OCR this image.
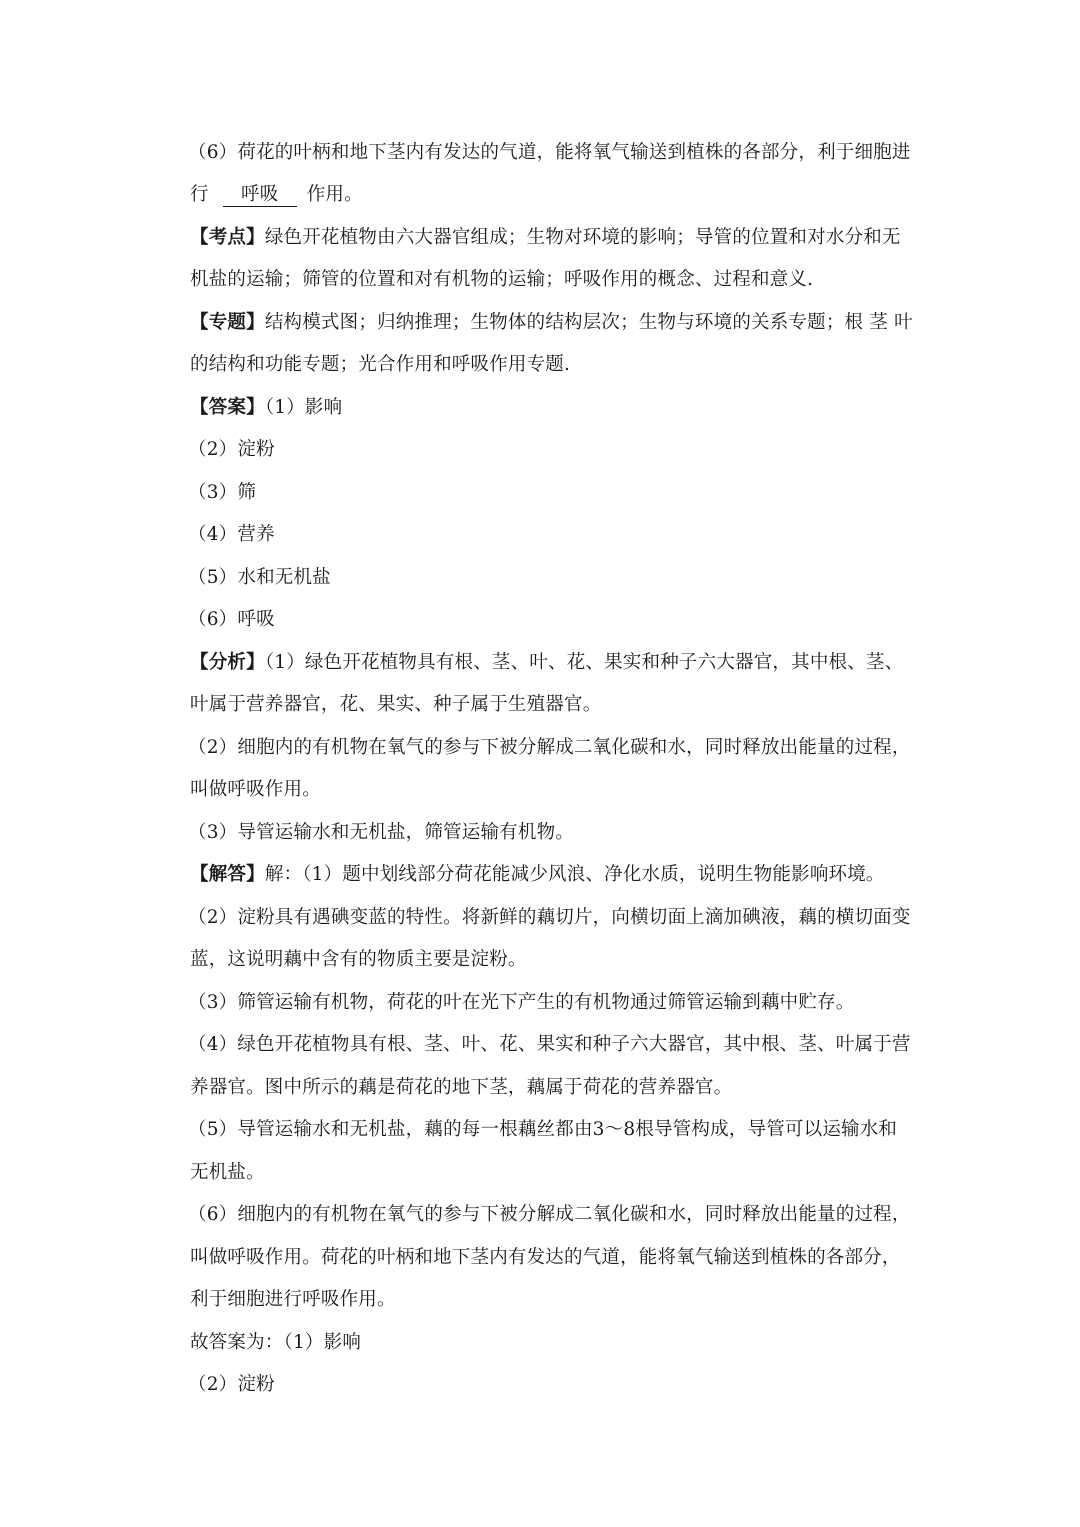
（6）荷花的叶柄和地下茎内有发达的气道，能将氧气输送到植株的各部分，利于细胞进
行 呼吸 作用。
【考点】绿色开花植物由六大器官组成；生物对环境的影响；导管的位置和对水分和无
机盐的运输；筛管的位置和对有机物的运输；呼吸作用的概念、过程和意义.
【专题】结构模式图；归纳推理；生物体的结构层次；生物与环境的关系专题；根 茎 叶
的结构和功能专题；光合作用和呼吸作用专题.
【答案】（1）影响
（2）淀粉
（3）筛
（4）营养
（5）水和无机盐
（6）呼吸
【分析】（1）绿色开花植物具有根、茎、叶、花、果实和种子六大器官，其中根、茎、
叶属于营养器官，花、果实、种子属于生殖器官。
（2）细胞内的有机物在氧气的参与下被分解成二氧化碳和水，同时释放出能量的过程，
叫做呼吸作用。
（3）导管运输水和无机盐，筛管运输有机物。
【解答】解：（1）题中划线部分荷花能减少风浪、净化水质，说明生物能影响环境。
（2）淀粉具有遇碘变蓝的特性。将新鲜的藕切片，向横切面上滴加碘液，藕的横切面变
蓝，这说明藕中含有的物质主要是淀粉。
（3）筛管运输有机物，荷花的叶在光下产生的有机物通过筛管运输到藕中贮存。
（4）绿色开花植物具有根、茎、叶、花、果实和种子六大器官，其中根、茎、叶属于营
养器官。图中所示的藕是荷花的地下茎，藕属于荷花的营养器官。
（5）导管运输水和无机盐，藕的每一根藕丝都由3～8根导管构成，导管可以运输水和
无机盐。
（6）细胞内的有机物在氧气的参与下被分解成二氧化碳和水，同时释放出能量的过程，
叫做呼吸作用。荷花的叶柄和地下茎内有发达的气道，能将氧气输送到植株的各部分，
利于细胞进行呼吸作用。
故答案为：（1）影响
（2）淀粉
